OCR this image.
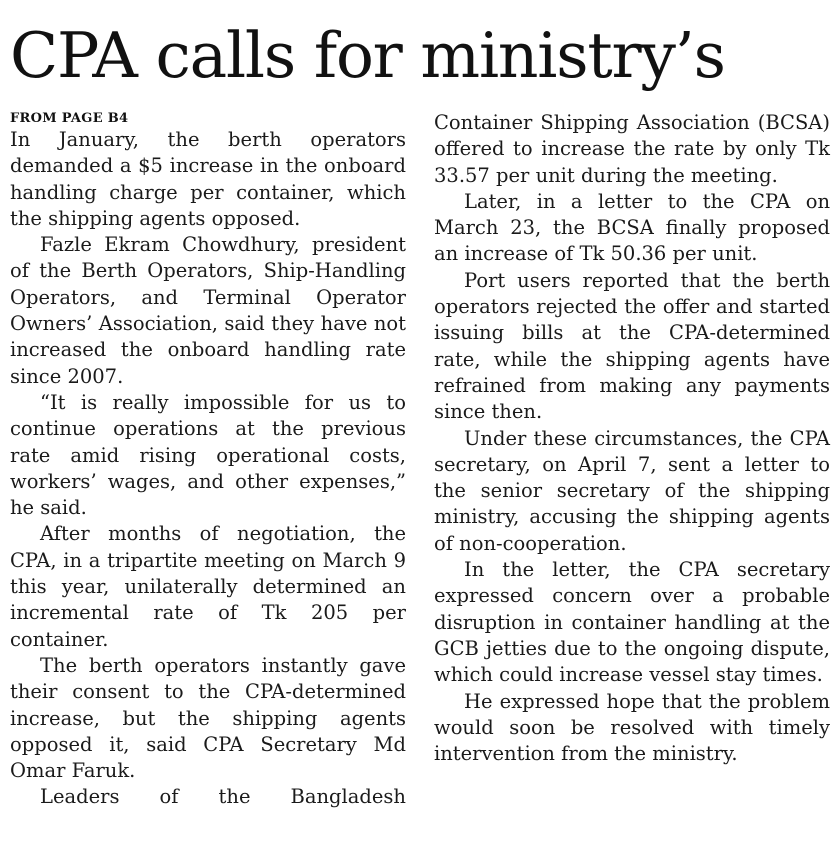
CPA calls for ministry’s
FROM PAGE B4

In January, the berth operators demanded a $5 increase in the onboard handling charge per container, which the shipping agents opposed.

Fazle Ekram Chowdhury, president of the Berth Operators, Ship-Handling Operators, and Terminal Operator Owners’ Association, said they have not increased the onboard handling rate since 2007.

“It is really impossible for us to continue operations at the previous rate amid rising operational costs, workers’ wages, and other expenses,” he said.

After months of negotiation, the CPA, in a tripartite meeting on March 9 this year, unilaterally determined an incremental rate of Tk 205 per container.

The berth operators instantly gave their consent to the CPA-determined increase, but the shipping agents opposed it, said CPA Secretary Md Omar Faruk.

Leaders of the Bangladesh

Container Shipping Association (BCSA) offered to increase the rate by only Tk 33.57 per unit during the meeting.

Later, in a letter to the CPA on March 23, the BCSA finally proposed an increase of Tk 50.36 per unit.

Port users reported that the berth operators rejected the offer and started issuing bills at the CPA-determined rate, while the shipping agents have refrained from making any payments since then.

Under these circumstances, the CPA secretary, on April 7, sent a letter to the senior secretary of the shipping ministry, accusing the shipping agents of non-cooperation.

In the letter, the CPA secretary expressed concern over a probable disruption in container handling at the GCB jetties due to the ongoing dispute, which could increase vessel stay times.

He expressed hope that the problem would soon be resolved with timely intervention from the ministry.
